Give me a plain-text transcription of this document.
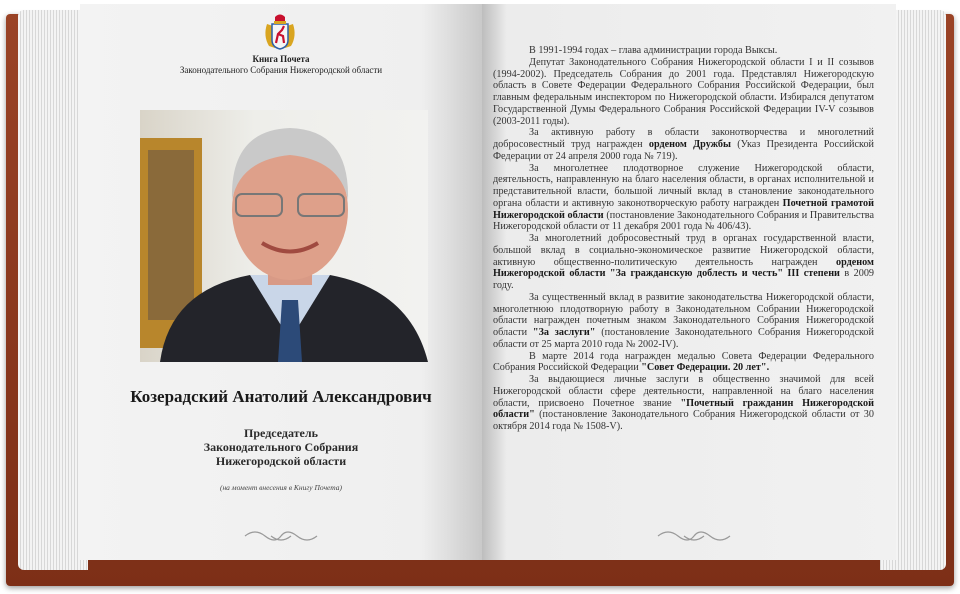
Книга Почета
Законодательного Собрания Нижегородской области
Козерадский Анатолий Александрович
Председатель
Законодательного Собрания
Нижегородской области
(на момент внесения в Книгу Почета)

В 1991-1994 годах – глава администрации города Выксы.

Депутат Законодательного Собрания Нижегородской области I и II созывов (1994-2002). Председатель Собрания до 2001 года. Представлял Нижегородскую область в Совете Федерации Федерального Собрания Российской Федерации, был главным федеральным инспектором по Нижегородской области. Избирался депутатом Государственной Думы Федерального Собрания Российской Федерации IV-V созывов (2003-2011 годы).

За активную работу в области законотворчества и многолетний добросовестный труд награжден орденом Дружбы (Указ Президента Российской Федерации от 24 апреля 2000 года № 719).

За многолетнее плодотворное служение Нижегородской области, деятельность, направленную на благо населения области, в органах исполнительной и представительной власти, большой личный вклад в становление законодательного органа области и активную законотворческую работу награжден Почетной грамотой Нижегородской области (постановление Законодательного Собрания и Правительства Нижегородской области от 11 декабря 2001 года № 406/43).

За многолетний добросовестный труд в органах государственной власти, большой вклад в социально-экономическое развитие Нижегородской области, активную общественно-политическую деятельность награжден орденом Нижегородской области "За гражданскую доблесть и честь" III степени в 2009 году.

За существенный вклад в развитие законодательства Нижегородской области, многолетнюю плодотворную работу в Законодательном Собрании Нижегородской области награжден почетным знаком Законодательного Собрания Нижегородской области "За заслуги" (постановление Законодательного Собрания Нижегородской области от 25 марта 2010 года № 2002-IV).

В марте 2014 года награжден медалью Совета Федерации Федерального Собрания Российской Федерации "Совет Федерации. 20 лет".

За выдающиеся личные заслуги в общественно значимой для всей Нижегородской области сфере деятельности, направленной на благо населения области, присвоено Почетное звание "Почетный гражданин Нижегородской области" (постановление Законодательного Собрания Нижегородской области от 30 октября 2014 года № 1508-V).
